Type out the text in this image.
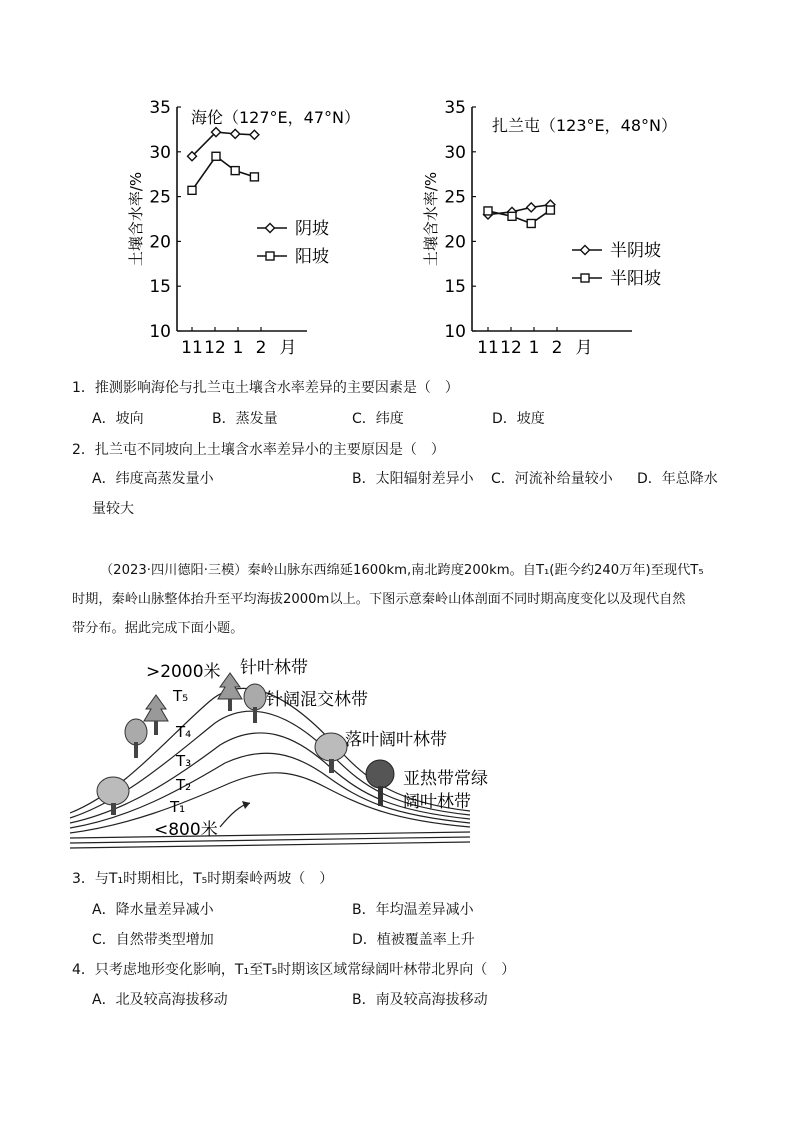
35
30
25
20
15
10
11 12 1 2 月
土壤含水率/%
海伦（127°E，47°N）
阴坡
阳坡
35
30
25
20
15
10
11 12 1 2 月
土壤含水率/%
扎兰屯（123°E，48°N）
半阴坡
半阳坡
1．推测影响海伦与扎兰屯土壤含水率差异的主要因素是（　）
A．坡向	B．蒸发量	C．纬度	D．坡度
2．扎兰屯不同坡向上土壤含水率差异小的主要原因是（　）
A．纬度高蒸发量小	B．太阳辐射差异小 C．河流补给量较小 D．年总降水
量较大
（2023·四川德阳·三模）秦岭山脉东西绵延1600km,南北跨度200km。自T₁(距今约240万年)至现代T₅
时期，秦岭山脉整体抬升至平均海拔2000m以上。下图示意秦岭山体剖面不同时期高度变化以及现代自然
带分布。据此完成下面小题。
>2000米
<800米
T₅
T₄
T₃
T₂
T₁
针叶林带
针阔混交林带
落叶阔叶林带
亚热带常绿
阔叶林带
3．与T₁时期相比，T₅时期秦岭两坡（　）
A．降水量差异减小	B．年均温差异减小
C．自然带类型增加	D．植被覆盖率上升
4．只考虑地形变化影响，T₁至T₅时期该区域常绿阔叶林带北界向（　）
A．北及较高海拔移动	B．南及较高海拔移动
